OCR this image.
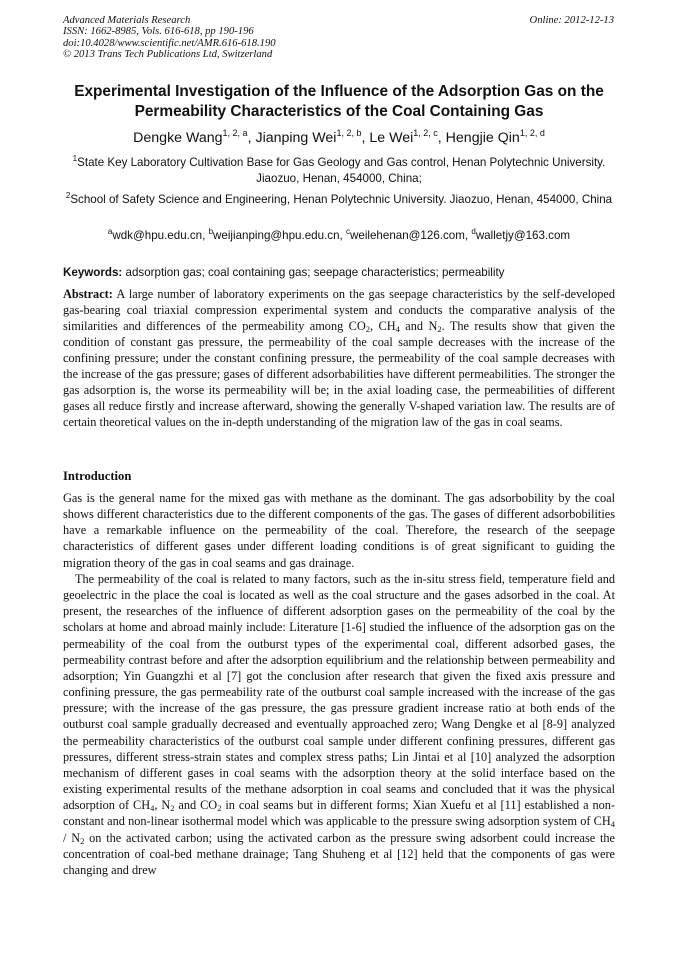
Advanced Materials Research
ISSN: 1662-8985, Vols. 616-618, pp 190-196
doi:10.4028/www.scientific.net/AMR.616-618.190
© 2013 Trans Tech Publications Ltd, Switzerland
Online: 2012-12-13
Experimental Investigation of the Influence of the Adsorption Gas on the Permeability Characteristics of the Coal Containing Gas
Dengke Wang$^{1, 2, a}$, Jianping Wei$^{1, 2, b}$, Le Wei$^{1, 2, c}$, Hengjie Qin$^{1, 2, d}$
$^1$State Key Laboratory Cultivation Base for Gas Geology and Gas control, Henan Polytechnic University. Jiaozuo, Henan, 454000, China;
$^2$School of Safety Science and Engineering, Henan Polytechnic University. Jiaozuo, Henan, 454000, China
$^a$wdk@hpu.edu.cn, $^b$weijianping@hpu.edu.cn, $^c$weilehenan@126.com, $^d$walletjy@163.com
Keywords: adsorption gas; coal containing gas; seepage characteristics; permeability
Abstract: A large number of laboratory experiments on the gas seepage characteristics by the self-developed gas-bearing coal triaxial compression experimental system and conducts the comparative analysis of the similarities and differences of the permeability among $CO_2$, $CH_4$ and $N_2$. The results show that given the condition of constant gas pressure, the permeability of the coal sample decreases with the increase of the confining pressure; under the constant confining pressure, the permeability of the coal sample decreases with the increase of the gas pressure; gases of different adsorbabilities have different permeabilities. The stronger the gas adsorption is, the worse its permeability will be; in the axial loading case, the permeabilities of different gases all reduce firstly and increase afterward, showing the generally V-shaped variation law. The results are of certain theoretical values on the in-depth understanding of the migration law of the gas in coal seams.
Introduction

Gas is the general name for the mixed gas with methane as the dominant. The gas adsorbobility by the coal shows different characteristics due to the different components of the gas. The gases of different adsorbobilities have a remarkable influence on the permeability of the coal. Therefore, the research of the seepage characteristics of different gases under different loading conditions is of great significant to guiding the migration theory of the gas in coal seams and gas drainage.

The permeability of the coal is related to many factors, such as the in-situ stress field, temperature field and geoelectric in the place the coal is located as well as the coal structure and the gases adsorbed in the coal. At present, the researches of the influence of different adsorption gases on the permeability of the coal by the scholars at home and abroad mainly include: Literature [1-6] studied the influence of the adsorption gas on the permeability of the coal from the outburst types of the experimental coal, different adsorbed gases, the permeability contrast before and after the adsorption equilibrium and the relationship between permeability and adsorption; Yin Guangzhi et al [7] got the conclusion after research that given the fixed axis pressure and confining pressure, the gas permeability rate of the outburst coal sample increased with the increase of the gas pressure; with the increase of the gas pressure, the gas pressure gradient increase ratio at both ends of the outburst coal sample gradually decreased and eventually approached zero; Wang Dengke et al [8-9] analyzed the permeability characteristics of the outburst coal sample under different confining pressures, different gas pressures, different stress-strain states and complex stress paths; Lin Jintai et al [10] analyzed the adsorption mechanism of different gases in coal seams with the adsorption theory at the solid interface based on the existing experimental results of the methane adsorption in coal seams and concluded that it was the physical adsorption of $CH_4$, $N_2$ and $CO_2$ in coal seams but in different forms; Xian Xuefu et al [11] established a non-constant and non-linear isothermal model which was applicable to the pressure swing adsorption system of $CH_4 / N_2$ on the activated carbon; using the activated carbon as the pressure swing adsorbent could increase the concentration of coal-bed methane drainage; Tang Shuheng et al [12] held that the components of gas were changing and drew
